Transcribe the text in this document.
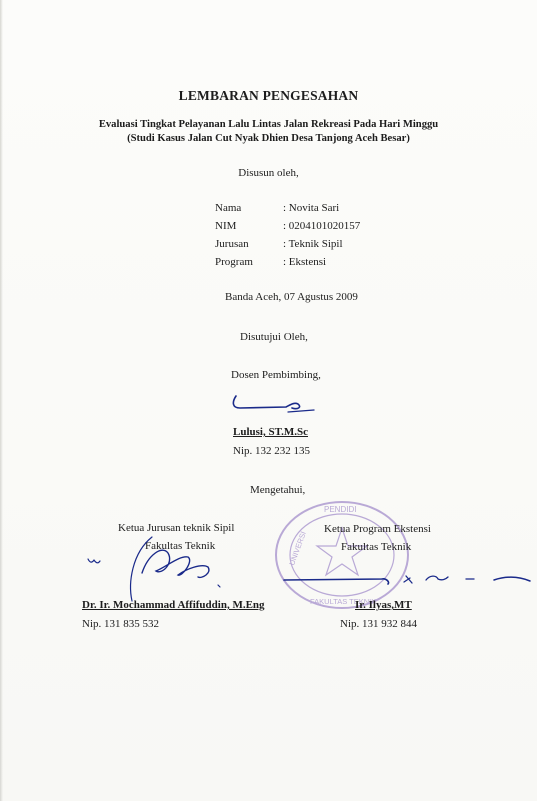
LEMBARAN PENGESAHAN
Evaluasi Tingkat Pelayanan Lalu Lintas Jalan Rekreasi Pada Hari Minggu
(Studi Kasus Jalan Cut Nyak Dhien Desa Tanjong Aceh Besar)
Disusun oleh,
Nama	: Novita Sari
NIM	: 0204101020157
Jurusan	: Teknik Sipil
Program	: Ekstensi
Banda Aceh, 07 Agustus 2009
Disutujui Oleh,
Dosen Pembimbing,
Lulusi, ST.M.Sc
Nip. 132 232 135
Mengetahui,
PENDIDI
UNIVERSI
FAKULTAS TEKNIK
Ketua Jurusan teknik Sipil
Fakultas Teknik
Dr. Ir. Mochammad Affifuddin, M.Eng
Nip. 131 835 532
Ketua Program Ekstensi
Fakultas Teknik
Ir. Ilyas,MT
Nip. 131 932 844
